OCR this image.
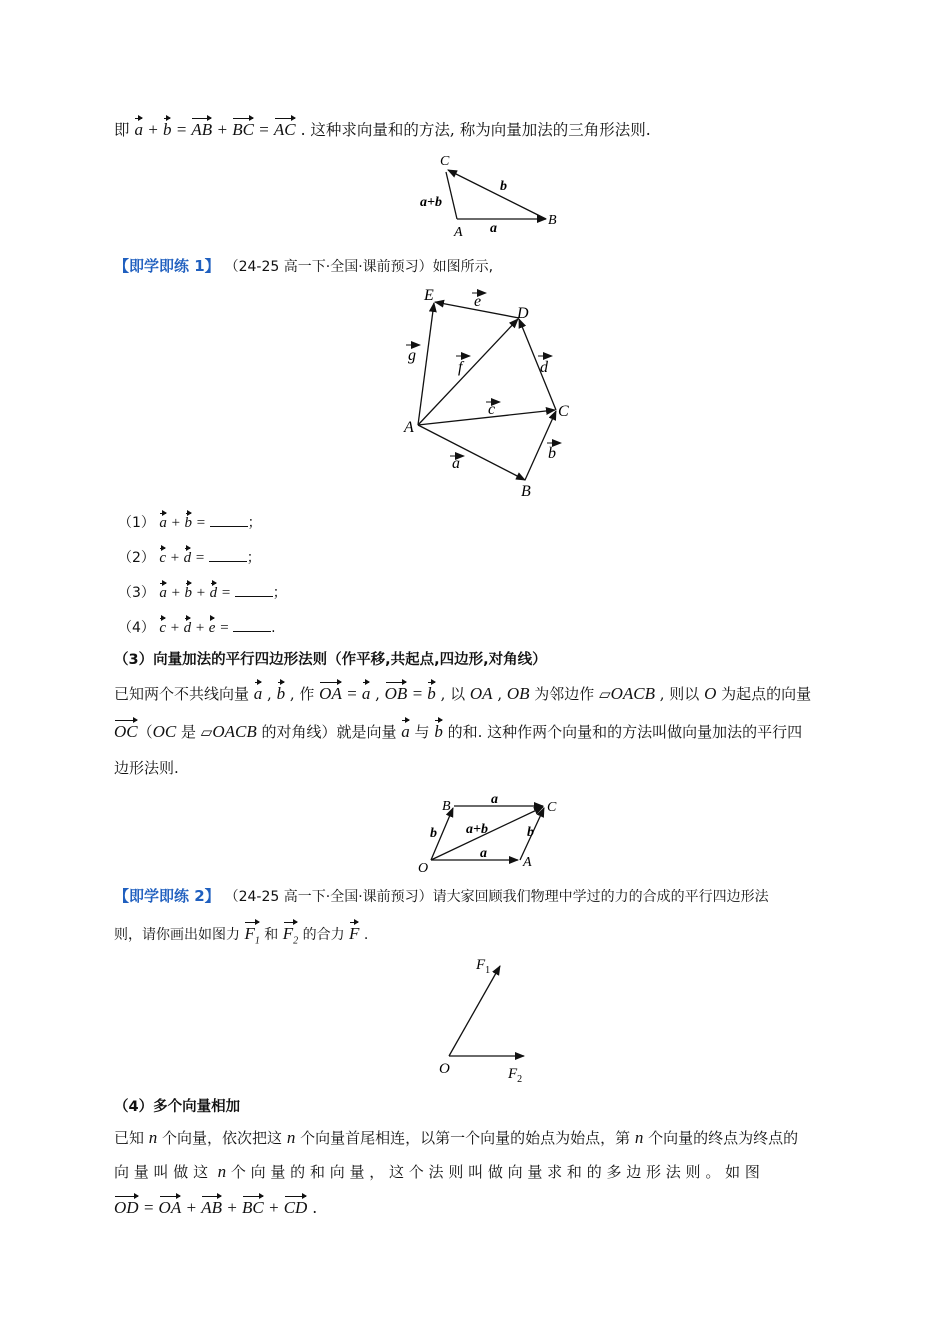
即 a + b = AB + BC = AC . 这种求向量和的方法, 称为向量加法的三角形法则.
C
A
B
a+b
a
b
【即学即练 1】 （24-25 高一下·全国·课前预习）如图所示,
E
D
C
A
B
e
g
f	d
c
a
b
（1） a + b =	；
（2） c + d =	；
（3） a + b + d =	；
（4） c + d + e =	.
（3）向量加法的平行四边形法则（作平移,共起点,四边形,对角线）
已知两个不共线向量 a , b , 作 OA = a , OB = b , 以 OA , OB 为邻边作 ▱OACB , 则以 O 为起点的向量
OC（OC 是 ▱OACB 的对角线）就是向量 a 与 b 的和. 这种作两个向量和的方法叫做向量加法的平行四
边形法则.
B	C
O	A
a
a
b	b
a+b
【即学即练 2】 （24-25 高一下·全国·课前预习）请大家回顾我们物理中学过的力的合成的平行四边形法
则，请你画出如图力 $F_1$ 和 $F_2$ 的合力 F .
$F_1$
$F_2$
O
（4）多个向量相加
已知 n 个向量，依次把这 n 个向量首尾相连，以第一个向量的始点为始点，第 n 个向量的终点为终点的
向 量 叫 做 这  n 个 向 量 的 和 向 量 ， 这 个 法 则 叫 做 向 量 求 和 的 多 边 形 法 则 。 如 图
OD = OA + AB + BC + CD .
